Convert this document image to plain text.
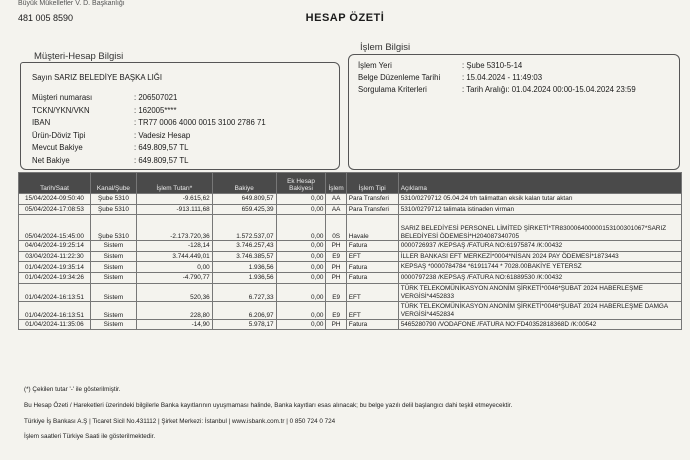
Büyük Mükellefler V. D. Başkanlığı
481 005 8590	HESAP ÖZETİ
Müşteri-Hesap Bilgisi
Sayın SARIZ BELEDİYE BAŞKA LIĞI
Müşteri numarası	: 206507021
TCKN/YKN/VKN	: 162005****
IBAN	: TR77 0006 4000 0015 3100 2786 71
Ürün-Döviz Tipi	: Vadesiz Hesap
Mevcut Bakiye	: 649.809,57 TL
Net Bakiye	: 649.809,57 TL
İşlem Bilgisi
İşlem Yeri	: Şube 5310-5-14
Belge Düzenleme Tarihi	: 15.04.2024 - 11:49:03
Sorgulama Kriterleri	: Tarih Aralığı: 01.04.2024 00:00-15.04.2024 23:59
Tarih/Saat	Kanal/Şube	İşlem Tutarı*	Bakiye	Ek Hesap Bakiyesi	İşlem	İşlem Tipi	Açıklama
15/04/2024-09:50:40	Şube 5310	-9.615,62	649.809,57	0,00	AA	Para Transferi	5310/0279712 05.04.24 trh talimattan eksik kalan tutar aktarı
05/04/2024-17:08:53	Şube 5310	-913.111,68	659.425,39	0,00	AA	Para Transferi	5310/0279712 talimata istinaden virman
05/04/2024-15:45:00	Şube 5310	-2.173.720,36	1.572.537,07	0,00	0S	Havale	SARIZ BELEDİYESİ PERSONEL LİMİTED ŞİRKETİ*TR830006400000153100301067*SARIZ BELEDİYESİ ÖDEMESİ*H204087340705
04/04/2024-19:25:14	Sistem	-128,14	3.746.257,43	0,00	PH	Fatura	0000726937 /KEPSAŞ /FATURA NO:61975874 /K:00432
03/04/2024-11:22:30	Sistem	3.744.449,01	3.746.385,57	0,00	E9	EFT	İLLER BANKASI EFT MERKEZİ*0004*NİSAN 2024 PAY ÖDEMESİ*1873443
01/04/2024-19:35:14	Sistem	0,00	1.936,56	0,00	PH	Fatura	KEPSAŞ *0000784784 *61911744 * 7028.00BAKİYE YETERSZ
01/04/2024-19:34:26	Sistem	-4.790,77	1.936,56	0,00	PH	Fatura	0000797238 /KEPSAŞ /FATURA NO:61889530 /K:00432
01/04/2024-16:13:51	Sistem	520,36	6.727,33	0,00	E9	EFT	TÜRK TELEKOMÜNİKASYON ANONİM ŞİRKETİ*0046*ŞUBAT 2024 HABERLEŞME VERGİSİ*4452833
01/04/2024-16:13:51	Sistem	228,80	6.206,97	0,00	E9	EFT	TÜRK TELEKOMÜNİKASYON ANONİM ŞİRKETİ*0046*ŞUBAT 2024 HABERLEŞME DAMGA VERGİSİ*4452834
01/04/2024-11:35:06	Sistem	-14,90	5.978,17	0,00	PH	Fatura	5465280790 /VODAFONE /FATURA NO:FD40352818368D /K:00542
(*) Çekilen tutar '-' ile gösterilmiştir.
Bu Hesap Özeti / Hareketleri üzerindeki bilgilerle Banka kayıtlarının uyuşmaması halinde, Banka kayıtları esas alınacak; bu belge yazılı delil başlangıcı dahi teşkil etmeyecektir.
Türkiye İş Bankası A.Ş | Ticaret Sicil No.431112 | Şirket Merkezi: İstanbul | www.isbank.com.tr | 0 850 724 0 724
İşlem saatleri Türkiye Saati ile gösterilmektedir.
